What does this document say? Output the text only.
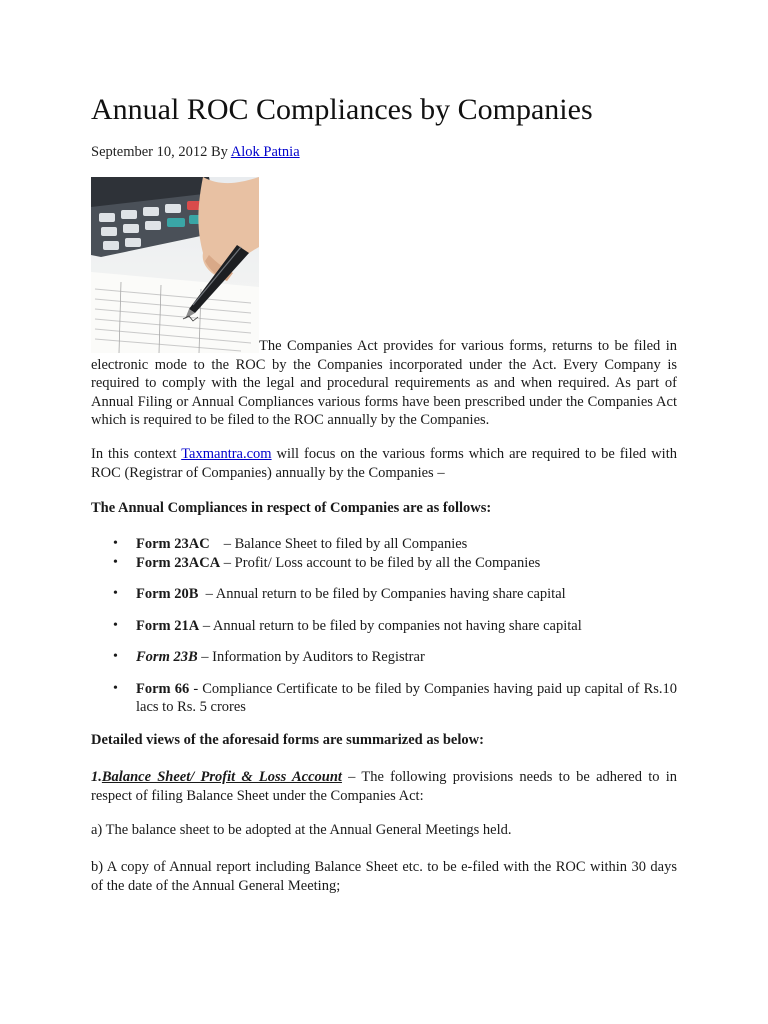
Annual ROC Compliances by Companies
September 10, 2012 By Alok Patnia

The Companies Act provides for various forms, returns to be filed in electronic mode to the ROC by the Companies incorporated under the Act. Every Company is required to comply with the legal and procedural requirements as and when required. As part of Annual Filing or Annual Compliances various forms have been prescribed under the Companies Act which is required to be filed to the ROC annually by the Companies.

In this context Taxmantra.com will focus on the various forms which are required to be filed with ROC (Registrar of Companies) annually by the Companies –

The Annual Compliances in respect of Companies are as follows:

• Form 23AC – Balance Sheet to filed by all Companies
• Form 23ACA – Profit/ Loss account to be filed by all the Companies
• Form 20B – Annual return to be filed by Companies having share capital
• Form 21A – Annual return to be filed by companies not having share capital
• Form 23B – Information by Auditors to Registrar
• Form 66 - Compliance Certificate to be filed by Companies having paid up capital of Rs.10 lacs to Rs. 5 crores

Detailed views of the aforesaid forms are summarized as below:

1.Balance Sheet/ Profit & Loss Account – The following provisions needs to be adhered to in respect of filing Balance Sheet under the Companies Act:

a) The balance sheet to be adopted at the Annual General Meetings held.

b) A copy of Annual report including Balance Sheet etc. to be e-filed with the ROC within 30 days of the date of the Annual General Meeting;
